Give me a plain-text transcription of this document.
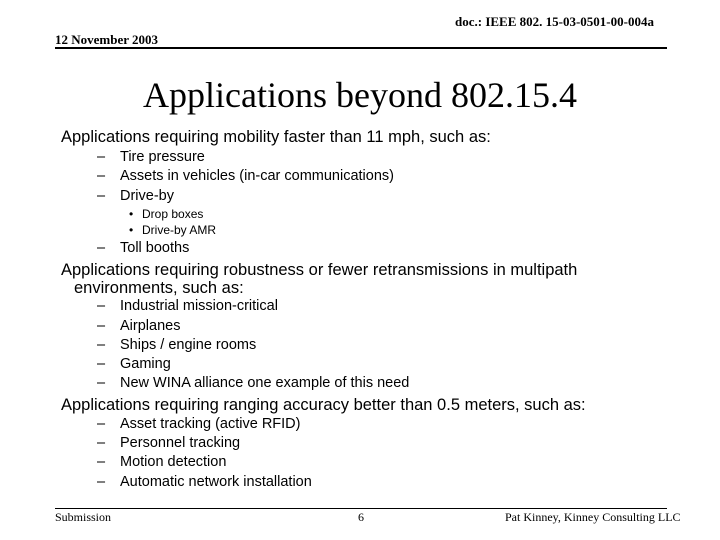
doc.: IEEE 802. 15-03-0501-00-004a
12 November 2003
Applications beyond 802.15.4
Applications requiring mobility faster than 11 mph, such as:
– Tire pressure
– Assets in vehicles (in-car communications)
– Drive-by
• Drop boxes
• Drive-by AMR
– Toll booths
Applications requiring robustness or fewer retransmissions in multipath
environments, such as:
– Industrial mission-critical
– Airplanes
– Ships / engine rooms
– Gaming
– New WINA alliance one example of this need
Applications requiring ranging accuracy better than 0.5 meters, such as:
– Asset tracking (active RFID)
– Personnel tracking
– Motion detection
– Automatic network installation
Submission	6	Pat Kinney, Kinney Consulting LLC
